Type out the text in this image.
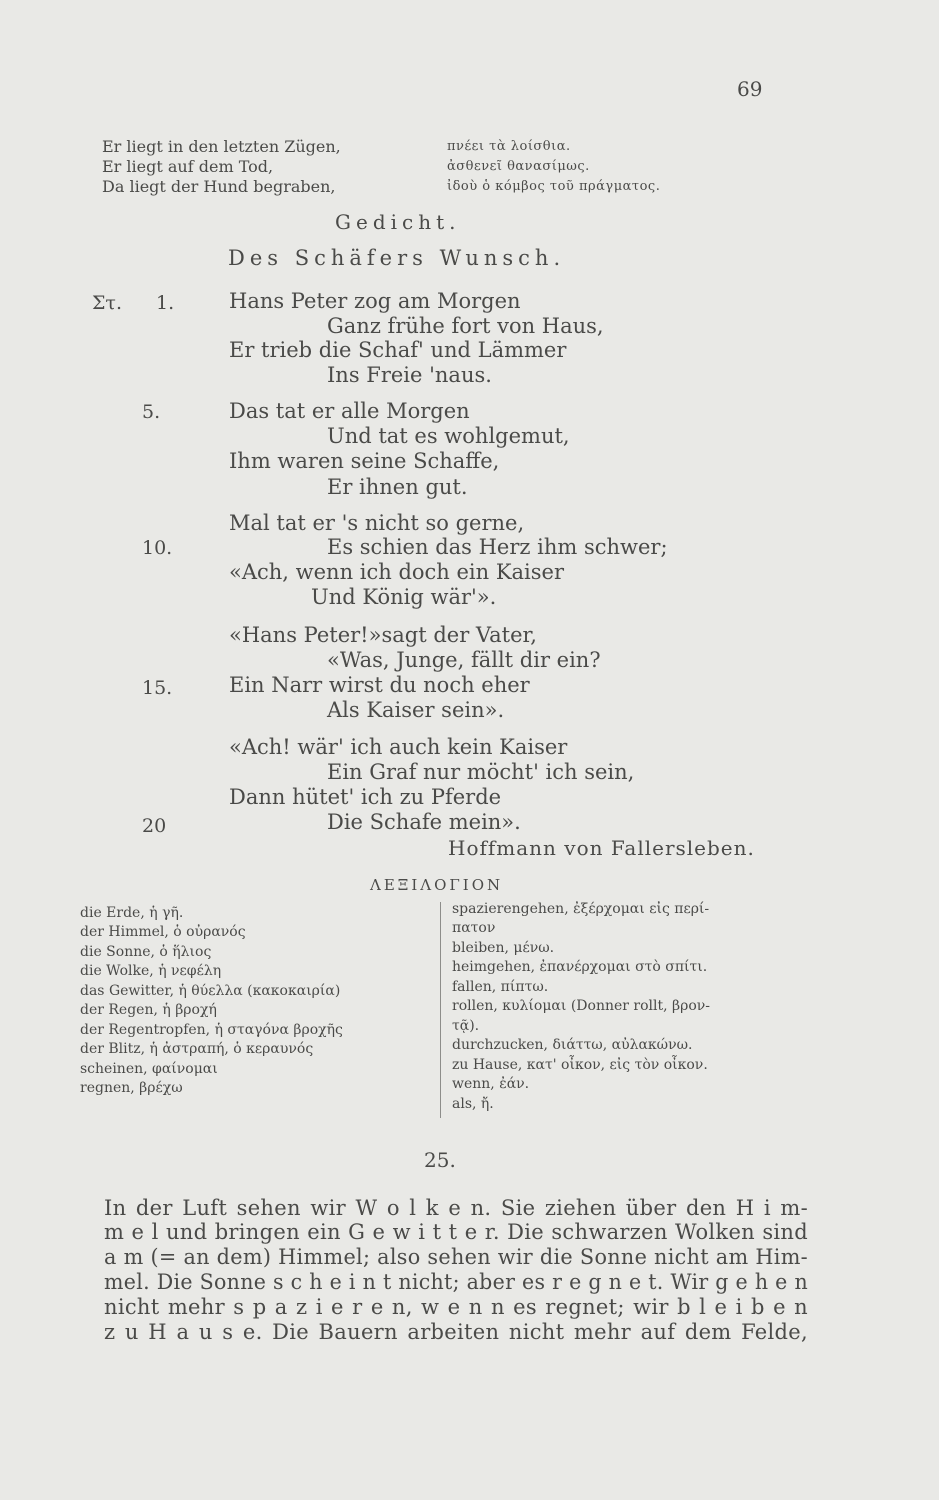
69
Er liegt in den letzten Zügen,
Er liegt auf dem Tod,
Da liegt der Hund begraben,
πνέει τὰ λοίσθια.
ἀσθενεῖ θανασίμως.
ἰδοὺ ὁ κόμβος τοῦ πράγματος.
Gedicht.
Des Schäfers Wunsch.
Στ. 1.
5.
10.
15.
20
Hans Peter zog am Morgen
Ganz frühe fort von Haus,
Er trieb die Schaf' und Lämmer
Ins Freie 'naus.
Das tat er alle Morgen
Und tat es wohlgemut,
Ihm waren seine Schaffe,
Er ihnen gut.
Mal tat er 's nicht so gerne,
Es schien das Herz ihm schwer;
«Ach, wenn ich doch ein Kaiser
Und König wär'».
«Hans Peter!»sagt der Vater,
«Was, Junge, fällt dir ein?
Ein Narr wirst du noch eher
Als Kaiser sein».
«Ach! wär' ich auch kein Kaiser
Ein Graf nur möcht' ich sein,
Dann hütet' ich zu Pferde
Die Schafe mein».
Hoffmann von Fallersleben.
ΛΕΞΙΛΟΓΙΟΝ
die Erde, ἡ γῆ.
der Himmel, ὁ οὐρανός
die Sonne, ὁ ἥλιος
die Wolke, ἡ νεφέλη
das Gewitter, ἡ θύελλα (κακοκαιρία)
der Regen, ἡ βροχή
der Regentropfen, ἡ σταγόνα βροχῆς
der Blitz, ἡ ἀστραπή, ὁ κεραυνός
scheinen, φαίνομαι
regnen, βρέχω
spazierengehen, ἐξέρχομαι εἰς περί-
πατον
bleiben, μένω.
heimgehen, ἐπανέρχομαι στὸ σπίτι.
fallen, πίπτω.
rollen, κυλίομαι (Donner rollt, βρον-
τᾷ).
durchzucken, διάττω, αὐλακώνω.
zu Hause, κατ' οἶκον, εἰς τὸν οἶκον.
wenn, ἐάν.
als, ἤ.
25.
In der Luft sehen wir W o l k e n. Sie ziehen über den H i m-
m e l und bringen ein G e w i t t e r. Die schwarzen Wolken sind
a m (= an dem) Himmel; also sehen wir die Sonne nicht am Him-
mel. Die Sonne s c h e i n t nicht; aber es r e g n e t. Wir g e h e n
nicht mehr s p a z i e r e n, w e n n es regnet; wir b l e i b e n
z u H a u s e. Die Bauern arbeiten nicht mehr auf dem Felde,
